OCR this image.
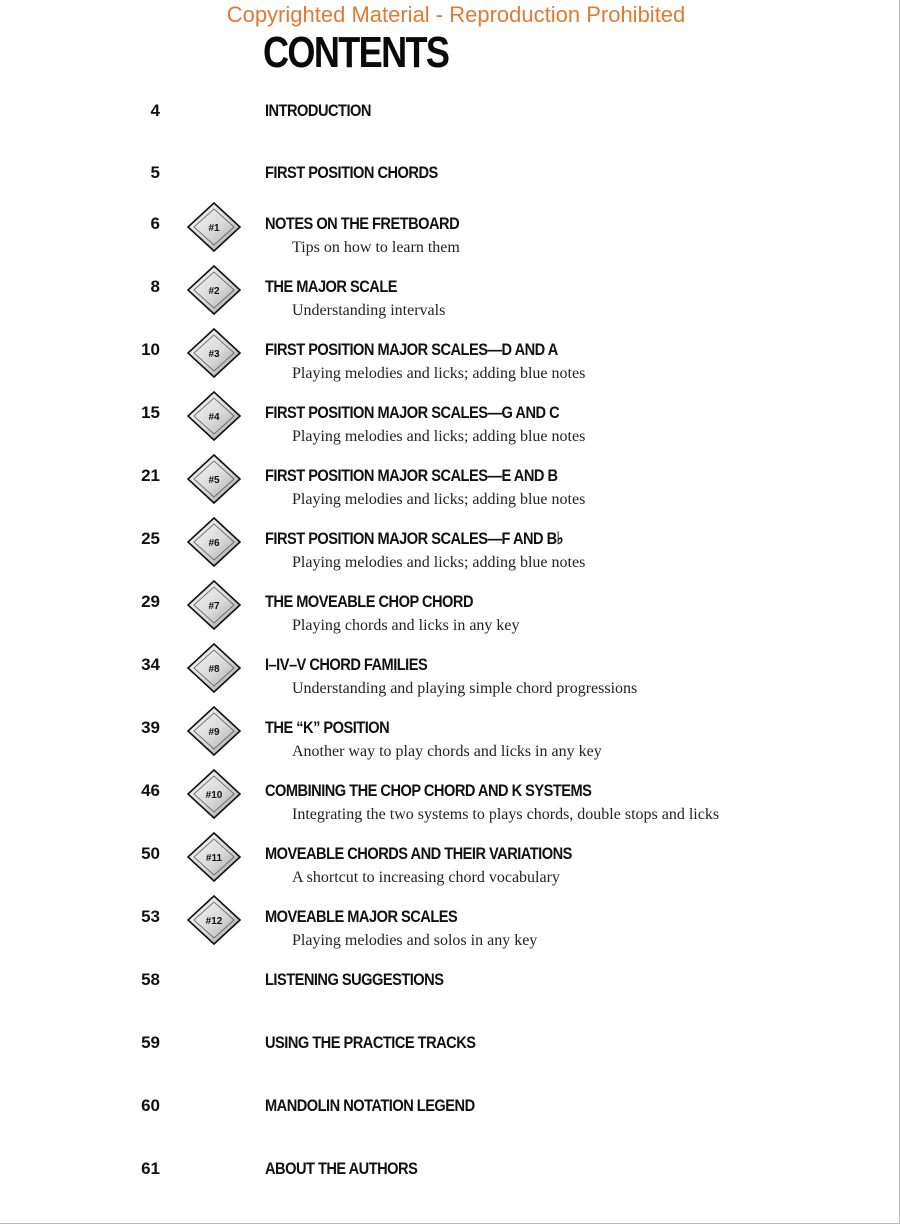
Copyrighted Material - Reproduction Prohibited
CONTENTS
4	INTRODUCTION
5	FIRST POSITION CHORDS
6	#1	NOTES ON THE FRETBOARD
Tips on how to learn them
8	#2	THE MAJOR SCALE
Understanding intervals
10	#3	FIRST POSITION MAJOR SCALES—D AND A
Playing melodies and licks; adding blue notes
15	#4	FIRST POSITION MAJOR SCALES—G AND C
Playing melodies and licks; adding blue notes
21	#5	FIRST POSITION MAJOR SCALES—E AND B
Playing melodies and licks; adding blue notes
25	#6	FIRST POSITION MAJOR SCALES—F AND B♭
Playing melodies and licks; adding blue notes
29	#7	THE MOVEABLE CHOP CHORD
Playing chords and licks in any key
34	#8	I–IV–V CHORD FAMILIES
Understanding and playing simple chord progressions
39	#9	THE “K” POSITION
Another way to play chords and licks in any key
46	#10	COMBINING THE CHOP CHORD AND K SYSTEMS
Integrating the two systems to plays chords, double stops and licks
50	#11	MOVEABLE CHORDS AND THEIR VARIATIONS
A shortcut to increasing chord vocabulary
53	#12	MOVEABLE MAJOR SCALES
Playing melodies and solos in any key
58	LISTENING SUGGESTIONS
59	USING THE PRACTICE TRACKS
60	MANDOLIN NOTATION LEGEND
61	ABOUT THE AUTHORS
